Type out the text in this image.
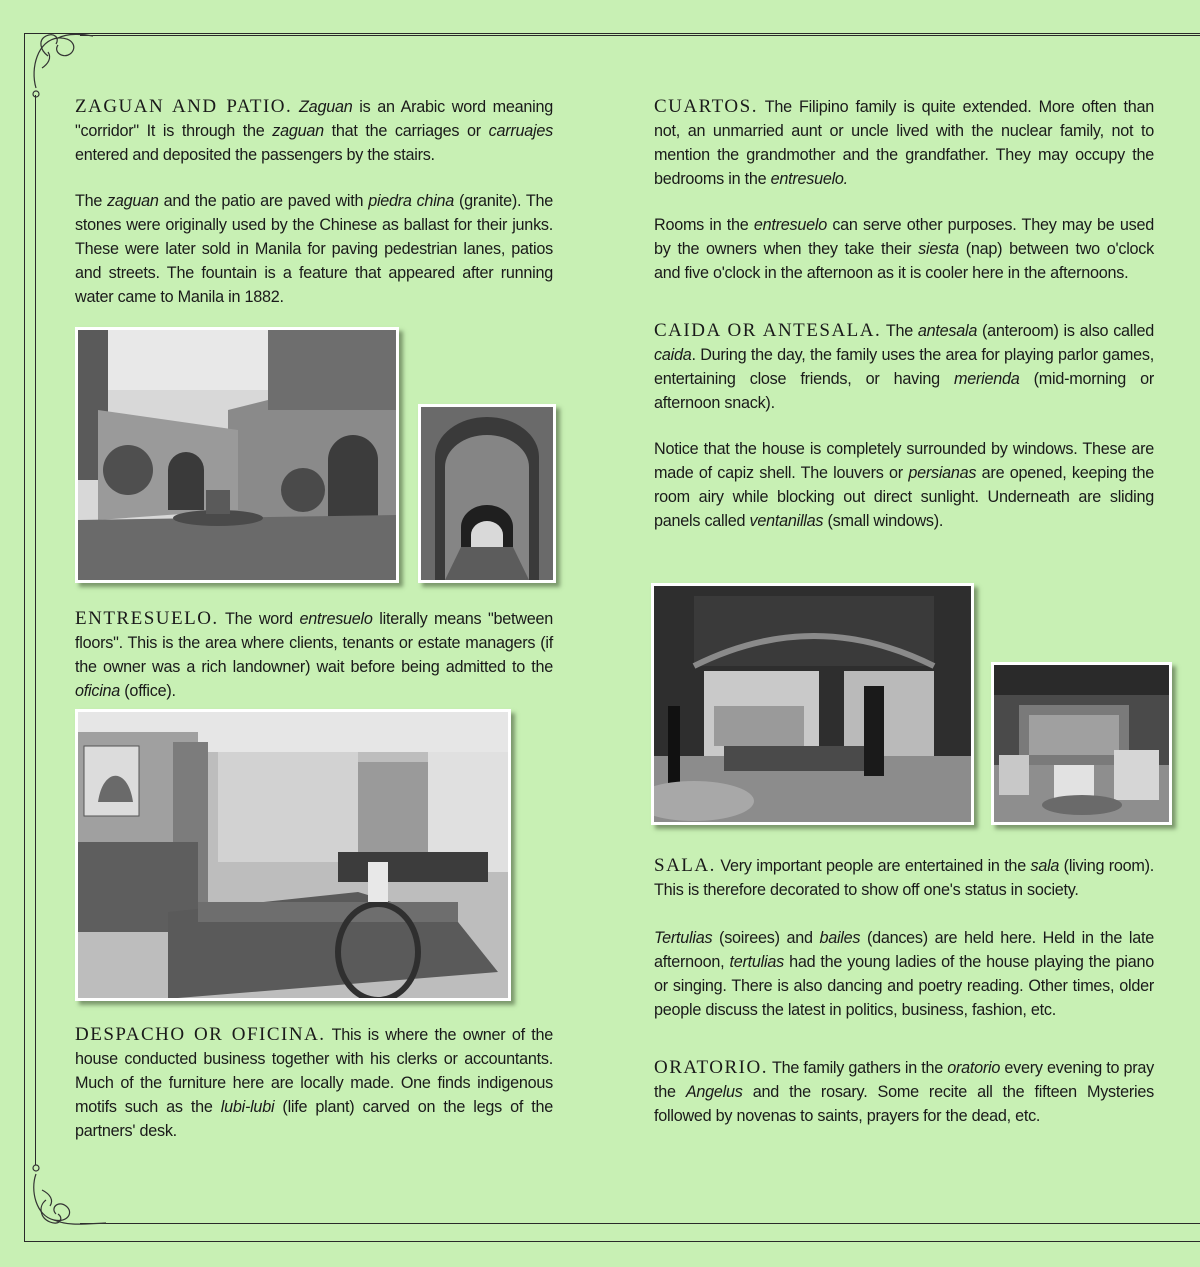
ZAGUAN AND PATIO. Zaguan is an Arabic word meaning "corridor" It is through the zaguan that the carriages or carruajes entered and deposited the passengers by the stairs.

The zaguan and the patio are paved with piedra china (granite). The stones were originally used by the Chinese as ballast for their junks. These were later sold in Manila for paving pedestrian lanes, patios and streets. The fountain is a feature that appeared after running water came to Manila in 1882.

ENTRESUELO. The word entresuelo literally means "between floors". This is the area where clients, tenants or estate managers (if the owner was a rich landowner) wait before being admitted to the oficina (office).

DESPACHO OR OFICINA. This is where the owner of the house conducted business together with his clerks or accountants. Much of the furniture here are locally made. One finds indigenous motifs such as the lubi-lubi (life plant) carved on the legs of the partners' desk.

CUARTOS. The Filipino family is quite extended. More often than not, an unmarried aunt or uncle lived with the nuclear family, not to mention the grandmother and the grandfather. They may occupy the bedrooms in the entresuelo.

Rooms in the entresuelo can serve other purposes. They may be used by the owners when they take their siesta (nap) between two o'clock and five o'clock in the afternoon as it is cooler here in the afternoons.

CAIDA OR ANTESALA. The antesala (anteroom) is also called caida. During the day, the family uses the area for playing parlor games, entertaining close friends, or having merienda (mid-morning or afternoon snack).

Notice that the house is completely surrounded by windows. These are made of capiz shell. The louvers or persianas are opened, keeping the room airy while blocking out direct sunlight. Underneath are sliding panels called ventanillas (small windows).

SALA. Very important people are entertained in the sala (living room). This is therefore decorated to show off one's status in society.

Tertulias (soirees) and bailes (dances) are held here. Held in the late afternoon, tertulias had the young ladies of the house playing the piano or singing. There is also dancing and poetry reading. Other times, older people discuss the latest in politics, business, fashion, etc.

ORATORIO. The family gathers in the oratorio every evening to pray the Angelus and the rosary. Some recite all the fifteen Mysteries followed by novenas to saints, prayers for the dead, etc.
